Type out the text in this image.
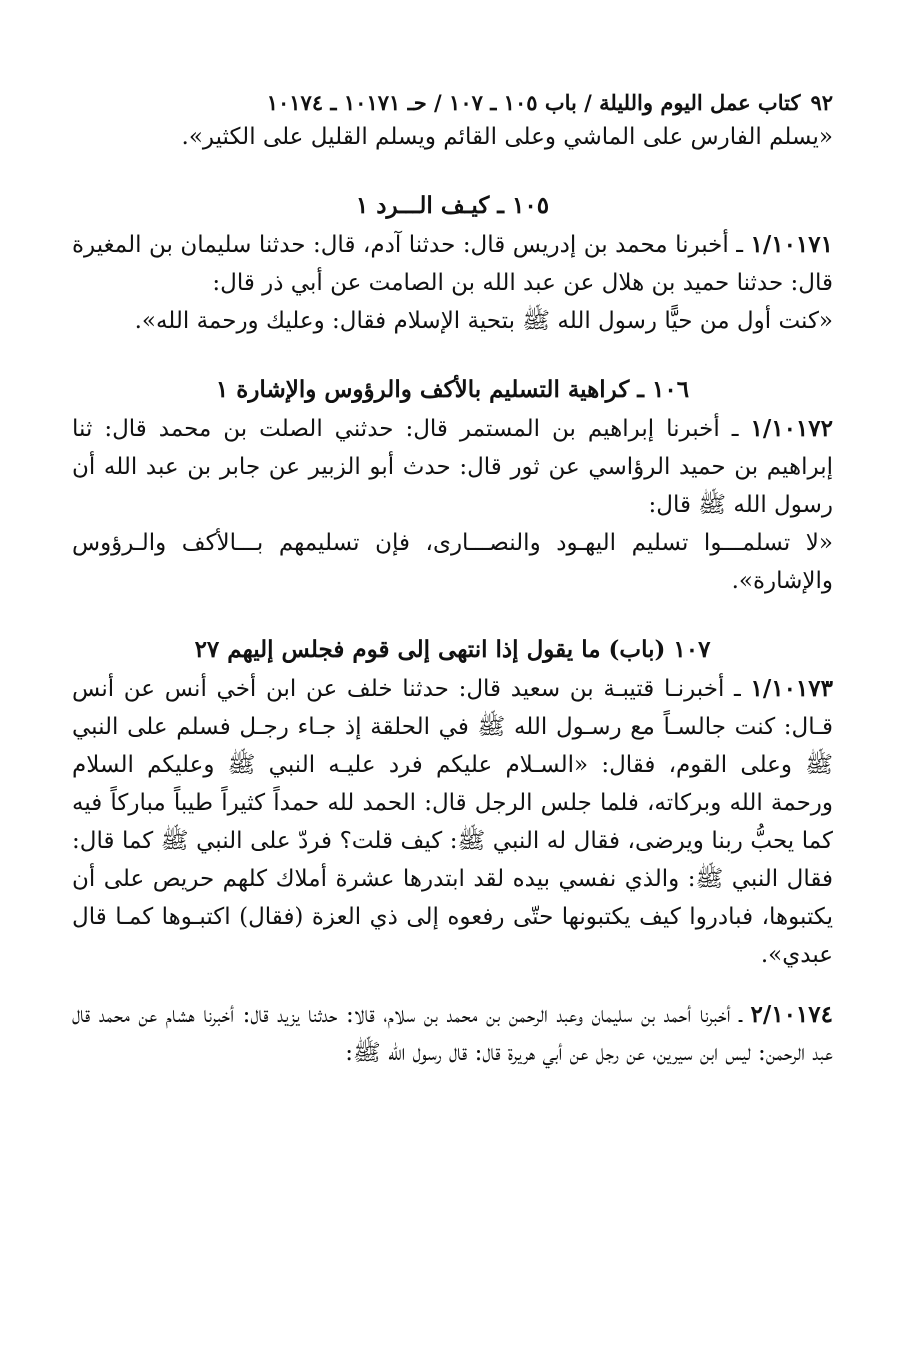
٩٢
كتاب عمل اليوم والليلة / باب ١٠٥ ـ ١٠٧ / حـ ١٠١٧١ ـ ١٠١٧٤

«يسلم الفارس على الماشي وعلى القائم ويسلم القليل على الكثير».

١٠٥ ـ كيـف الـــرد ١

١/١٠١٧١ ـ أخبرنا محمد بن إدريس قال: حدثنا آدم، قال: حدثنا سليمان بن المغيرة قال: حدثنا حميد بن هلال عن عبد الله بن الصامت عن أبي ذر قال:

«كنت أول من حيًّا رسول الله ﷺ بتحية الإسلام فقال: وعليك ورحمة الله».

١٠٦ ـ كراهية التسليم بالأكف والرؤوس والإشارة ١

١/١٠١٧٢ ـ أخبرنا إبراهيم بن المستمر قال: حدثني الصلت بن محمد قال: ثنا إبراهيم بن حميد الرؤاسي عن ثور قال: حدث أبو الزبير عن جابر بن عبد الله أن رسول الله ﷺ قال:

«لا تسلمـــوا تسليم اليهـود والنصـــارى، فإن تسليمهم بـــالأكف والـرؤوس والإشارة».

١٠٧ (باب) ما يقول إذا انتهى إلى قوم فجلس إليهم ٢٧

١/١٠١٧٣ ـ أخبرنـا قتيبـة بن سعيد قال: حدثنا خلف عن ابن أخي أنس عن أنس قـال: كنت جالسـاً مع رسـول الله ﷺ في الحلقة إذ جـاء رجـل فسلم على النبي ﷺ وعلى القوم، فقال: «السـلام عليكم فرد عليـه النبي ﷺ وعليكم السلام ورحمة الله وبركاته، فلما جلس الرجل قال: الحمد لله حمداً كثيراً طيباً مباركاً فيه كما يحبُّ ربنا ويرضى، فقال له النبي ﷺ: كيف قلت؟ فردّ على النبي ﷺ كما قال: فقال النبي ﷺ: والذي نفسي بيده لقد ابتدرها عشرة أملاك كلهم حريص على أن يكتبوها، فبادروا كيف يكتبونها حتّى رفعوه إلى ذي العزة (فقال) اكتبـوها كمـا قال عبدي».

٢/١٠١٧٤ ـ أخبرنا أحمد بن سليمان وعبد الرحمن بن محمد بن سلام، قالا: حدثنا يزيد قال: أخبرنا هشام عن محمد قال عبد الرحمن: ليس ابن سيرين، عن رجل عن أبي هريرة قال: قال رسول الله ﷺ:
